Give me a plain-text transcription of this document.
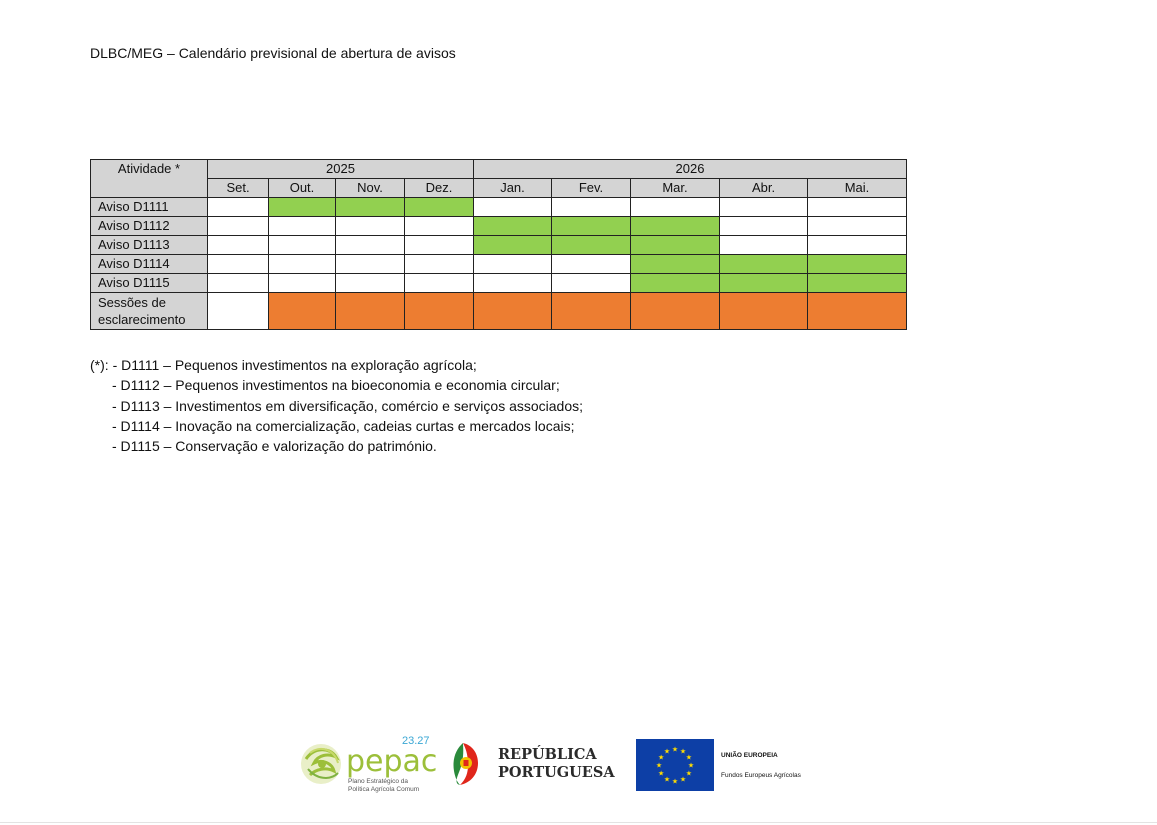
DLBC/MEG – Calendário previsional de abertura de avisos
Atividade *	2025				2026				
	Set.	Out.	Nov.	Dez.	Jan.	Fev.	Mar.	Abr.	Mai.
Aviso D1111									
Aviso D1112									
Aviso D1113									
Aviso D1114									
Aviso D1115									
Sessões de esclarecimento									
(*): - D1111 – Pequenos investimentos na exploração agrícola;
- D1112 – Pequenos investimentos na bioeconomia e economia circular;
- D1113 – Investimentos em diversificação, comércio e serviços associados;
- D1114 – Inovação na comercialização, cadeias curtas e mercados locais;
- D1115 – Conservação e valorização do património.
pepac
23.27
Plano Estratégico da
Política Agrícola Comum
REPÚBLICA
PORTUGUESA	★
★
★
★
★
★
★
★
★ ★ ★
★	UNIÃO EUROPEIA
Fundos Europeus Agrícolas
